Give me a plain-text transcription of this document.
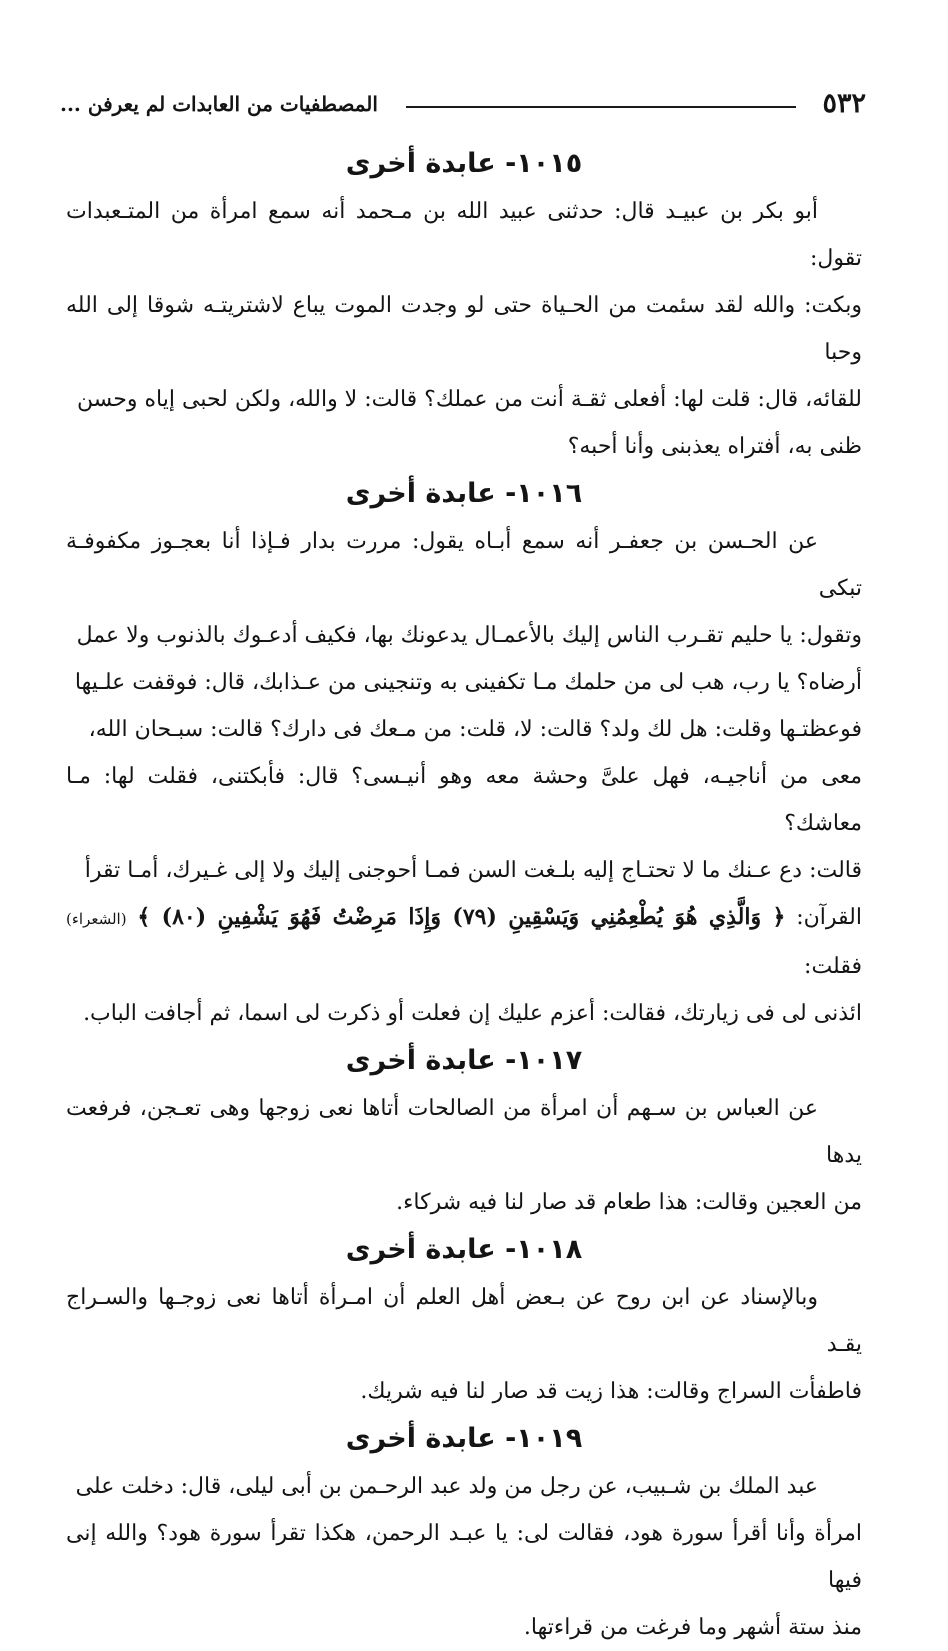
٥٣٢
المصطفيات من العابدات لم يعرفن ...
١٠١٥- عابدة أخرى

أبو بكر بن عبيـد قال: حدثنى عبيد الله بن مـحمد أنه سمع امرأة من المتـعبدات تقول:
وبكت: والله لقد سئمت من الحـياة حتى لو وجدت الموت يباع لاشتريتـه شوقا إلى الله وحبا
للقائه، قال: قلت لها: أفعلى ثقـة أنت من عملك؟ قالت: لا والله، ولكن لحبى إياه وحسن
ظنى به، أفتراه يعذبنى وأنا أحبه؟

١٠١٦- عابدة أخرى

عن الحـسن بن جعفـر أنه سمع أبـاه يقول: مررت بدار فـإذا أنا بعجـوز مكفوفـة تبكى
وتقول: يا حليم تقـرب الناس إليك بالأعمـال يدعونك بها، فكيف أدعـوك بالذنوب ولا عمل
أرضاه؟ يا رب، هب لى من حلمك مـا تكفينى به وتنجينى من عـذابك، قال: فوقفت علـيها
فوعظتـها وقلت: هل لك ولد؟ قالت: لا، قلت: من مـعك فى دارك؟ قالت: سبـحان الله،
معى من أناجيـه، فهل علىَّ وحشة معه وهو أنيـسى؟ قال: فأبكتنى، فقلت لها: مـا معاشك؟
قالت: دع عـنك ما لا تحتـاج إليه بلـغت السن فمـا أحوجنى إليك ولا إلى غـيرك، أمـا تقرأ
القرآن: ﴿ وَالَّذِي هُوَ يُطْعِمُنِي وَيَسْقِينِ (٧٩) وَإِذَا مَرِضْتُ فَهُوَ يَشْفِينِ (٨٠) ﴾ (الشعراء) فقلت:
ائذنى لى فى زيارتك، فقالت: أعزم عليك إن فعلت أو ذكرت لى اسما، ثم أجافت الباب.

١٠١٧- عابدة أخرى

عن العباس بن سـهم أن امرأة من الصالحات أتاها نعى زوجها وهى تعـجن، فرفعت يدها
من العجين وقالت: هذا طعام قد صار لنا فيه شركاء.

١٠١٨- عابدة أخرى

وبالإسناد عن ابن روح عن بـعض أهل العلم أن امـرأة أتاها نعى زوجـها والسـراج يقـد
فاطفأت السراج وقالت: هذا زيت قد صار لنا فيه شريك.

١٠١٩- عابدة أخرى

عبد الملك بن شـبيب، عن رجل من ولد عبد الرحـمن بن أبى ليلى، قال: دخلت على
امرأة وأنا أقرأ سورة هود، فقالت لى: يا عبـد الرحمن، هكذا تقرأ سورة هود؟ والله إنى فيها
منذ ستة أشهر وما فرغت من قراءتها.
